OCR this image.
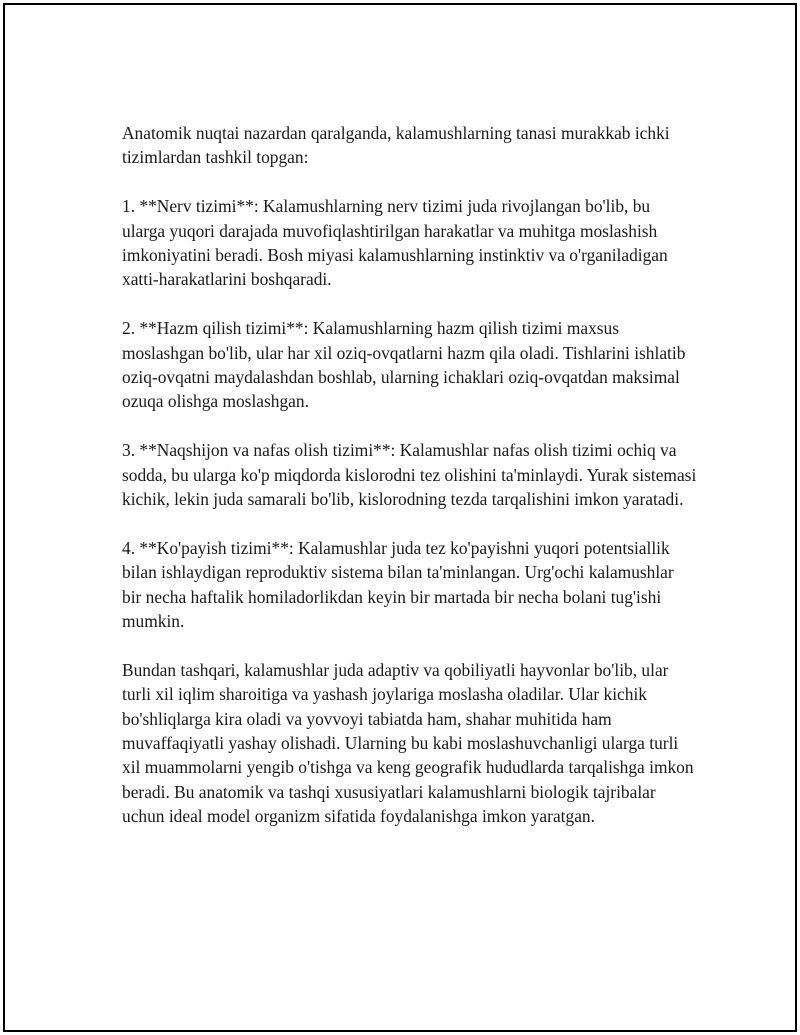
Anatomik nuqtai nazardan qaralganda, kalamushlarning tanasi murakkab ichki tizimlardan tashkil topgan:

1. **Nerv tizimi**: Kalamushlarning nerv tizimi juda rivojlangan bo'lib, bu ularga yuqori darajada muvofiqlashtirilgan harakatlar va muhitga moslashish imkoniyatini beradi. Bosh miyasi kalamushlarning instinktiv va o'rganiladigan xatti-harakatlarini boshqaradi.

2. **Hazm qilish tizimi**: Kalamushlarning hazm qilish tizimi maxsus moslashgan bo'lib, ular har xil oziq-ovqatlarni hazm qila oladi. Tishlarini ishlatib oziq-ovqatni maydalashdan boshlab, ularning ichaklari oziq-ovqatdan maksimal ozuqa olishga moslashgan.

3. **Naqshijon va nafas olish tizimi**: Kalamushlar nafas olish tizimi ochiq va sodda, bu ularga ko'p miqdorda kislorodni tez olishini ta'minlaydi. Yurak sistemasi kichik, lekin juda samarali bo'lib, kislorodning tezda tarqalishini imkon yaratadi.

4. **Ko'payish tizimi**: Kalamushlar juda tez ko'payishni yuqori potentsiallik bilan ishlaydigan reproduktiv sistema bilan ta'minlangan. Urg'ochi kalamushlar bir necha haftalik homiladorlikdan keyin bir martada bir necha bolani tug'ishi mumkin.

Bundan tashqari, kalamushlar juda adaptiv va qobiliyatli hayvonlar bo'lib, ular turli xil iqlim sharoitiga va yashash joylariga moslasha oladilar. Ular kichik bo'shliqlarga kira oladi va yovvoyi tabiatda ham, shahar muhitida ham muvaffaqiyatli yashay olishadi. Ularning bu kabi moslashuvchanligi ularga turli xil muammolarni yengib o'tishga va keng geografik hududlarda tarqalishga imkon beradi. Bu anatomik va tashqi xususiyatlari kalamushlarni biologik tajribalar uchun ideal model organizm sifatida foydalanishga imkon yaratgan.
